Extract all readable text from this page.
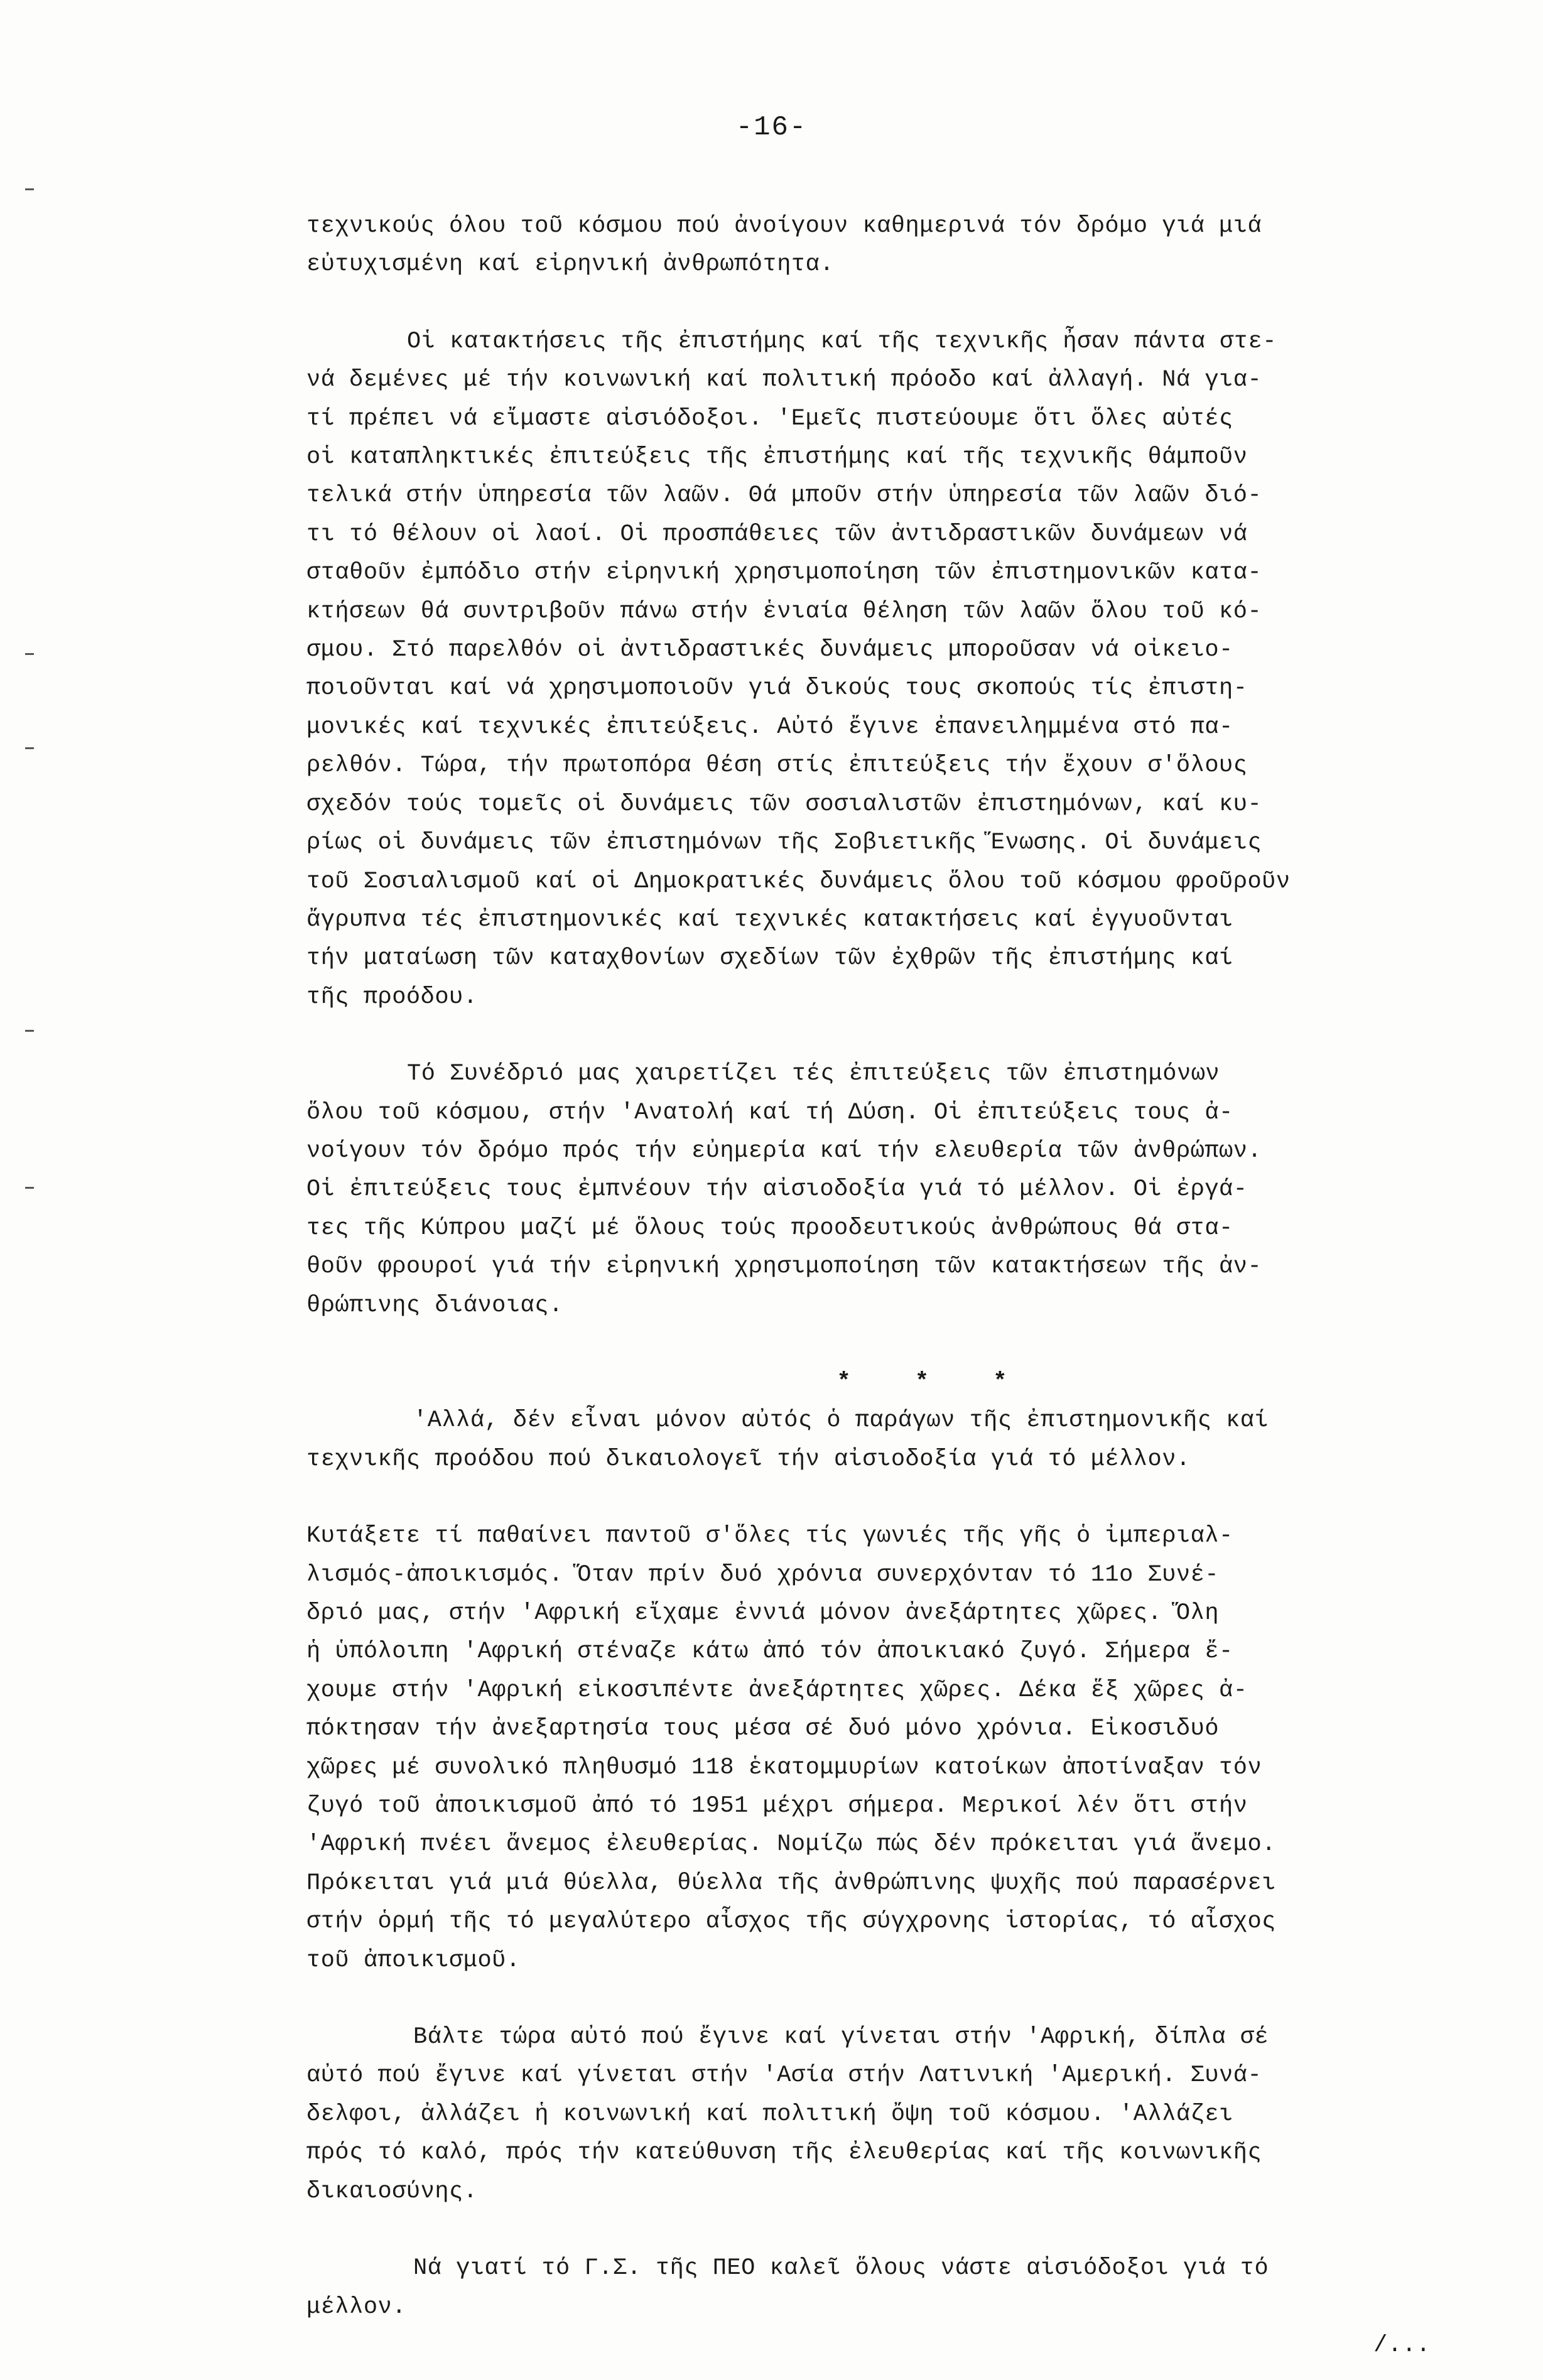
-16-

τεχνικούς όλου τοῦ κόσμου πού ἀνοίγουν καθημερινά τόν δρόμο γιά μιά
εὐτυχισμένη καί εἰρηνική ἀνθρωπότητα.

Οἱ κατακτήσεις τῆς ἐπιστήμης καί τῆς τεχνικῆς ἦσαν πάντα στε-
νά δεμένες μέ τήν κοινωνική καί πολιτική πρόοδο καί ἀλλαγή. Νά για-
τί πρέπει νά εἴμαστε αἰσιόδοξοι. 'Εμεῖς πιστεύουμε ὅτι ὅλες αὐτές
οἱ καταπληκτικές ἐπιτεύξεις τῆς ἐπιστήμης καί τῆς τεχνικῆς θάμποῦν
τελικά στήν ὑπηρεσία τῶν λαῶν. Θά μποῦν στήν ὑπηρεσία τῶν λαῶν διό-
τι τό θέλουν οἱ λαοί. Οἱ προσπάθειες τῶν ἀντιδραστικῶν δυνάμεων νά
σταθοῦν ἐμπόδιο στήν εἰρηνική χρησιμοποίηση τῶν ἐπιστημονικῶν κατα-
κτήσεων θά συντριβοῦν πάνω στήν ἑνιαία θέληση τῶν λαῶν ὅλου τοῦ κό-
σμου. Στό παρελθόν οἱ ἀντιδραστικές δυνάμεις μποροῦσαν νά οἰκειο-
ποιοῦνται καί νά χρησιμοποιοῦν γιά δικούς τους σκοπούς τίς ἐπιστη-
μονικές καί τεχνικές ἐπιτεύξεις. Αὐτό ἔγινε ἐπανειλημμένα στό πα-
ρελθόν. Τώρα, τήν πρωτοπόρα θέση στίς ἐπιτεύξεις τήν ἔχουν σ'ὅλους
σχεδόν τούς τομεῖς οἱ δυνάμεις τῶν σοσιαλιστῶν ἐπιστημόνων, καί κυ-
ρίως οἱ δυνάμεις τῶν ἐπιστημόνων τῆς Σοβιετικῆς Ἕνωσης. Οἱ δυνάμεις
τοῦ Σοσιαλισμοῦ καί οἱ Δημοκρατικές δυνάμεις ὅλου τοῦ κόσμου φροῦροῦν
ἄγρυπνα τές ἐπιστημονικές καί τεχνικές κατακτήσεις καί ἐγγυοῦνται
τήν ματαίωση τῶν καταχθονίων σχεδίων τῶν ἐχθρῶν τῆς ἐπιστήμης καί
τῆς προόδου.

Τό Συνέδριό μας χαιρετίζει τές ἐπιτεύξεις τῶν ἐπιστημόνων
ὅλου τοῦ κόσμου, στήν 'Ανατολή καί τή Δύση. Οἱ ἐπιτεύξεις τους ἀ-
νοίγουν τόν δρόμο πρός τήν εὐημερία καί τήν ελευθερία τῶν ἀνθρώπων.
Οἱ ἐπιτεύξεις τους ἐμπνέουν τήν αἰσιοδοξία γιά τό μέλλον. Οἱ ἐργά-
τες τῆς Κύπρου μαζί μέ ὅλους τούς προοδευτικούς ἀνθρώπους θά στα-
θοῦν φρουροί γιά τήν εἰρηνική χρησιμοποίηση τῶν κατακτήσεων τῆς ἀν-
θρώπινης διάνοιας.

* * *

'Αλλά, δέν εἶναι μόνον αὐτός ὁ παράγων τῆς ἐπιστημονικῆς καί
τεχνικῆς προόδου πού δικαιολογεῖ τήν αἰσιοδοξία γιά τό μέλλον.

Κυτάξετε τί παθαίνει παντοῦ σ'ὅλες τίς γωνιές τῆς γῆς ὁ ἰμπεριαλ-
λισμός-ἀποικισμός. Ὅταν πρίν δυό χρόνια συνερχόνταν τό 11ο Συνέ-
δριό μας, στήν 'Αφρική εἴχαμε ἐννιά μόνον ἀνεξάρτητες χῶρες. Ὅλη
ἡ ὑπόλοιπη 'Αφρική στέναζε κάτω ἀπό τόν ἀποικιακό ζυγό. Σήμερα ἔ-
χουμε στήν 'Αφρική εἰκοσιπέντε ἀνεξάρτητες χῶρες. Δέκα ἕξ χῶρες ἀ-
πόκτησαν τήν ἀνεξαρτησία τους μέσα σέ δυό μόνο χρόνια. Εἰκοσιδυό
χῶρες μέ συνολικό πληθυσμό 118 ἑκατομμυρίων κατοίκων ἀποτίναξαν τόν
ζυγό τοῦ ἀποικισμοῦ ἀπό τό 1951 μέχρι σήμερα. Μερικοί λέν ὅτι στήν
'Αφρική πνέει ἄνεμος ἐλευθερίας. Νομίζω πώς δέν πρόκειται γιά ἄνεμο.
Πρόκειται γιά μιά θύελλα, θύελλα τῆς ἀνθρώπινης ψυχῆς πού παρασέρνει
στήν ὁρμή τῆς τό μεγαλύτερο αἶσχος τῆς σύγχρονης ἱστορίας, τό αἶσχος
τοῦ ἀποικισμοῦ.

Βάλτε τώρα αὐτό πού ἔγινε καί γίνεται στήν 'Αφρική, δίπλα σέ
αὐτό πού ἔγινε καί γίνεται στήν 'Ασία στήν Λατινική 'Αμερική. Συνά-
δελφοι, ἀλλάζει ἡ κοινωνική καί πολιτική ὄψη τοῦ κόσμου. 'Αλλάζει
πρός τό καλό, πρός τήν κατεύθυνση τῆς ἐλευθερίας καί τῆς κοινωνικῆς
δικαιοσύνης.

Νά γιατί τό Γ.Σ. τῆς ΠΕΟ καλεῖ ὅλους νάστε αἰσιόδοξοι γιά τό
μέλλον.

/...
